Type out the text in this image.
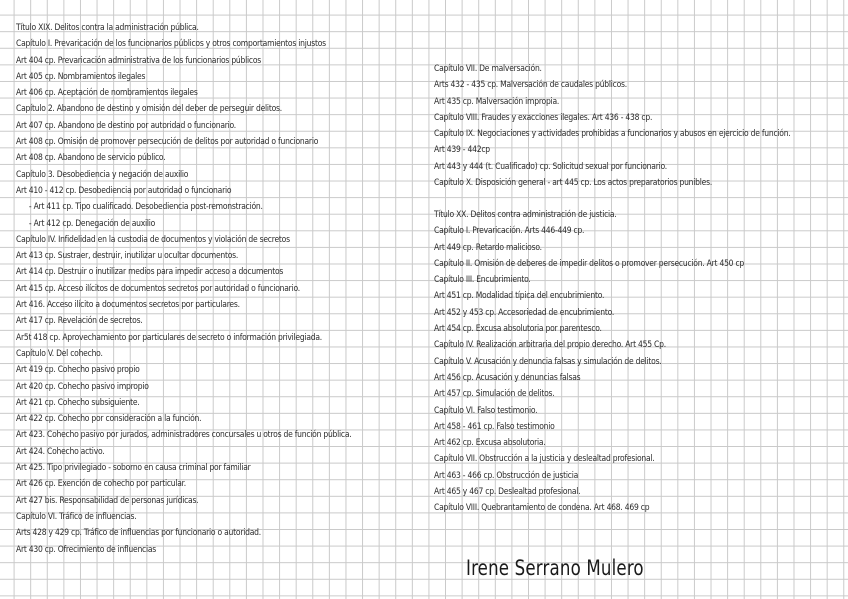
Título XIX. Delitos contra la administración pública.
Capítulo I. Prevaricación de los funcionarios públicos y otros comportamientos injustos
Art 404 cp. Prevaricación administrativa de los funcionarios públicos
Art 405 cp. Nombramientos ilegales
Art 406 cp. Aceptación de nombramientos ilegales
Capítulo 2. Abandono de destino y omisión del deber de perseguir delitos.
Art 407 cp. Abandono de destino por autoridad o funcionario.
Art 408 cp. Omisión de promover persecución de delitos por autoridad o funcionario
Art 408 cp. Abandono de servicio público.
Capítulo 3. Desobediencia y negación de auxilio
Art 410 - 412 cp. Desobediencia por autoridad o funcionario
- Art 411 cp. Tipo cualificado. Desobediencia post-remonstración.
- Art 412 cp. Denegación de auxilio
Capítulo IV. Infidelidad en la custodia de documentos y violación de secretos
Art 413 cp. Sustraer, destruir, inutilizar u ocultar documentos.
Art 414 cp. Destruir o inutilizar medios para impedir acceso a documentos
Art 415 cp. Acceso ilícitos de documentos secretos por autoridad o funcionario.
Art 416. Acceso ilícito a documentos secretos por particulares.
Art 417 cp. Revelación de secretos.
Ar5t 418 cp. Aprovechamiento por particulares de secreto o información privilegiada.
Capítulo V. Del cohecho.
Art 419 cp. Cohecho pasivo propio
Art 420 cp. Cohecho pasivo impropio
Art 421 cp. Cohecho subsiguiente.
Art 422 cp. Cohecho por consideración a la función.
Art 423. Cohecho pasivo por jurados, administradores concursales u otros de función pública.
Art 424. Cohecho activo.
Art 425. Tipo privilegiado - soborno en causa criminal por familiar
Art 426 cp. Exención de cohecho por particular.
Art 427 bis. Responsabilidad de personas jurídicas.
Capítulo VI. Tráfico de influencias.
Arts 428 y 429 cp. Tráfico de influencias por funcionario o autoridad.
Art 430 cp. Ofrecimiento de influencias
Capítulo VII. De malversación.
Arts 432 - 435 cp. Malversación de caudales públicos.
Art 435 cp. Malversación impropia.
Capítulo VIII. Fraudes y exacciones ilegales. Art 436 - 438 cp.
Capítulo IX. Negociaciones y actividades prohibidas a funcionarios y abusos en ejercicio de función.
Art 439 - 442cp
Art 443 y 444 (t. Cualificado) cp. Solicitud sexual por funcionario.
Capítulo X. Disposición general - art 445 cp. Los actos preparatorios punibles.
Título XX. Delitos contra administración de justicia.
Capítulo I. Prevaricación. Arts 446-449 cp.
Art 449 cp. Retardo malicioso.
Capítulo II. Omisión de deberes de impedir delitos o promover persecución. Art 450 cp
Capítulo III. Encubrimiento.
Art 451 cp. Modalidad típica del encubrimiento.
Art 452 y 453 cp. Accesoriedad de encubrimiento.
Art 454 cp. Excusa absolutoria por parentesco.
Capítulo IV. Realización arbitraria del propio derecho. Art 455 Cp.
Capítulo V. Acusación y denuncia falsas y simulación de delitos.
Art 456 cp. Acusación y denuncias falsas
Art 457 cp. Simulación de delitos.
Capítulo VI. Falso testimonio.
Art 458 - 461 cp. Falso testimonio
Art 462 cp. Excusa absolutoria.
Capítulo VII. Obstrucción a la justicia y deslealtad profesional.
Art 463 - 466 cp. Obstrucción de justicia
Art 465 y 467 cp. Deslealtad profesional.
Capítulo VIII. Quebrantamiento de condena. Art 468. 469 cp
Irene Serrano Mulero
